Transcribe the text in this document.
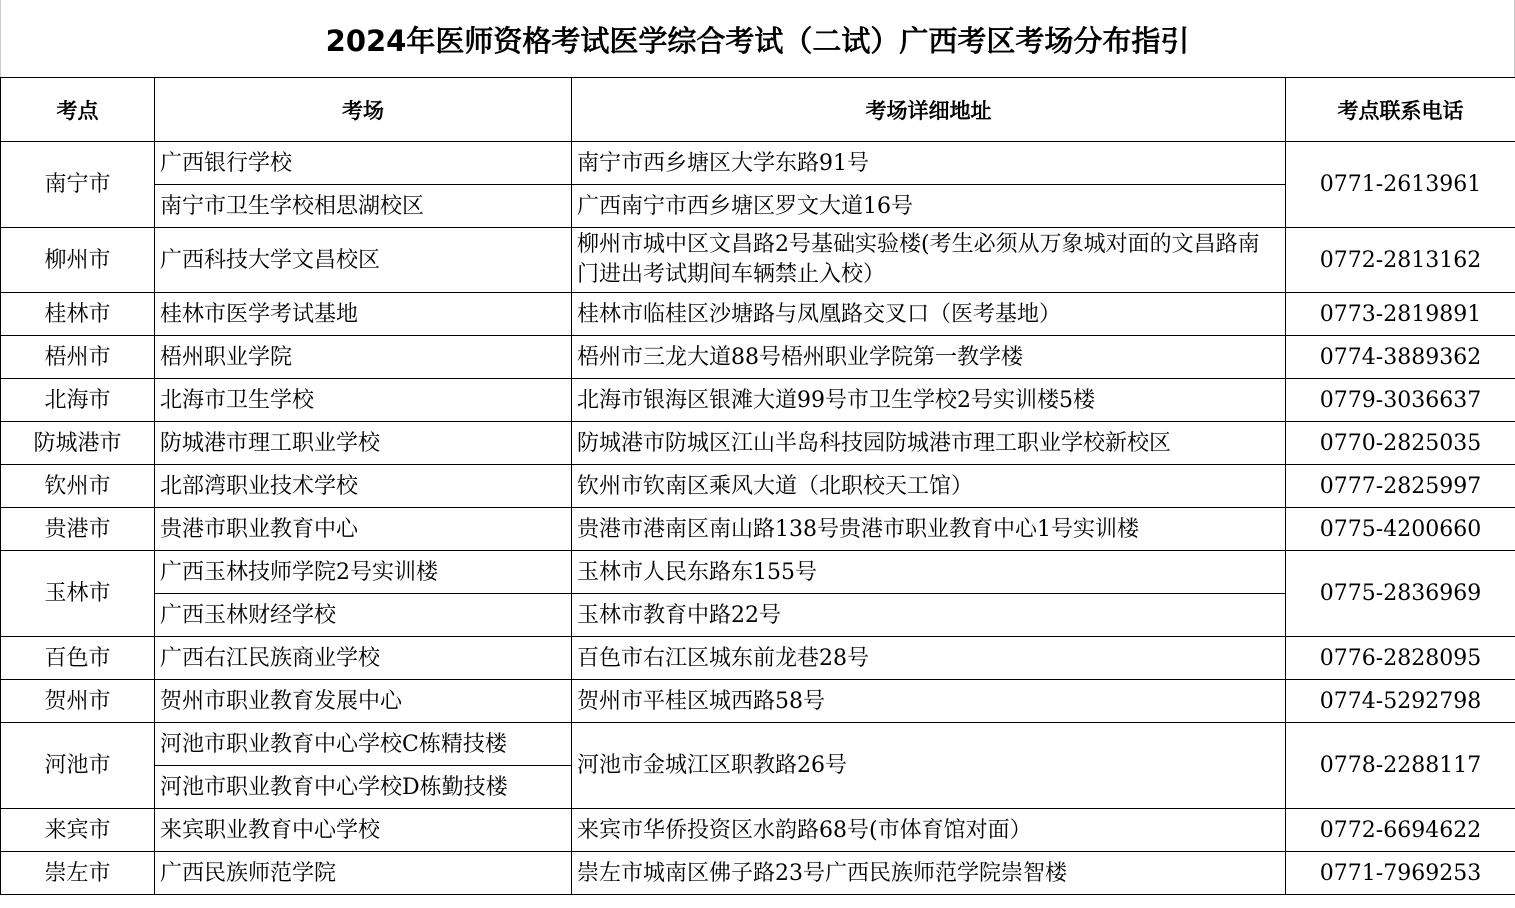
2024年医师资格考试医学综合考试（二试）广西考区考场分布指引
考点	考场	考场详细地址	考点联系电话
南宁市	广西银行学校	南宁市西乡塘区大学东路91号	0771-2613961
	南宁市卫生学校相思湖校区	广西南宁市西乡塘区罗文大道16号	
柳州市	广西科技大学文昌校区	柳州市城中区文昌路2号基础实验楼(考生必须从万象城对面的文昌路南门进出考试期间车辆禁止入校）	0772-2813162
桂林市	桂林市医学考试基地	桂林市临桂区沙塘路与凤凰路交叉口（医考基地）	0773-2819891
梧州市	梧州职业学院	梧州市三龙大道88号梧州职业学院第一教学楼	0774-3889362
北海市	北海市卫生学校	北海市银海区银滩大道99号市卫生学校2号实训楼5楼	0779-3036637
防城港市	防城港市理工职业学校	防城港市防城区江山半岛科技园防城港市理工职业学校新校区	0770-2825035
钦州市	北部湾职业技术学校	钦州市钦南区乘风大道（北职校天工馆）	0777-2825997
贵港市	贵港市职业教育中心	贵港市港南区南山路138号贵港市职业教育中心1号实训楼	0775-4200660
玉林市	广西玉林技师学院2号实训楼	玉林市人民东路东155号	0775-2836969
	广西玉林财经学校	玉林市教育中路22号	
百色市	广西右江民族商业学校	百色市右江区城东前龙巷28号	0776-2828095
贺州市	贺州市职业教育发展中心	贺州市平桂区城西路58号	0774-5292798
河池市	河池市职业教育中心学校C栋精技楼	河池市金城江区职教路26号	0778-2288117
	河池市职业教育中心学校D栋勤技楼		
来宾市	来宾职业教育中心学校	来宾市华侨投资区水韵路68号(市体育馆对面）	0772-6694622
崇左市	广西民族师范学院	崇左市城南区佛子路23号广西民族师范学院崇智楼	0771-7969253
